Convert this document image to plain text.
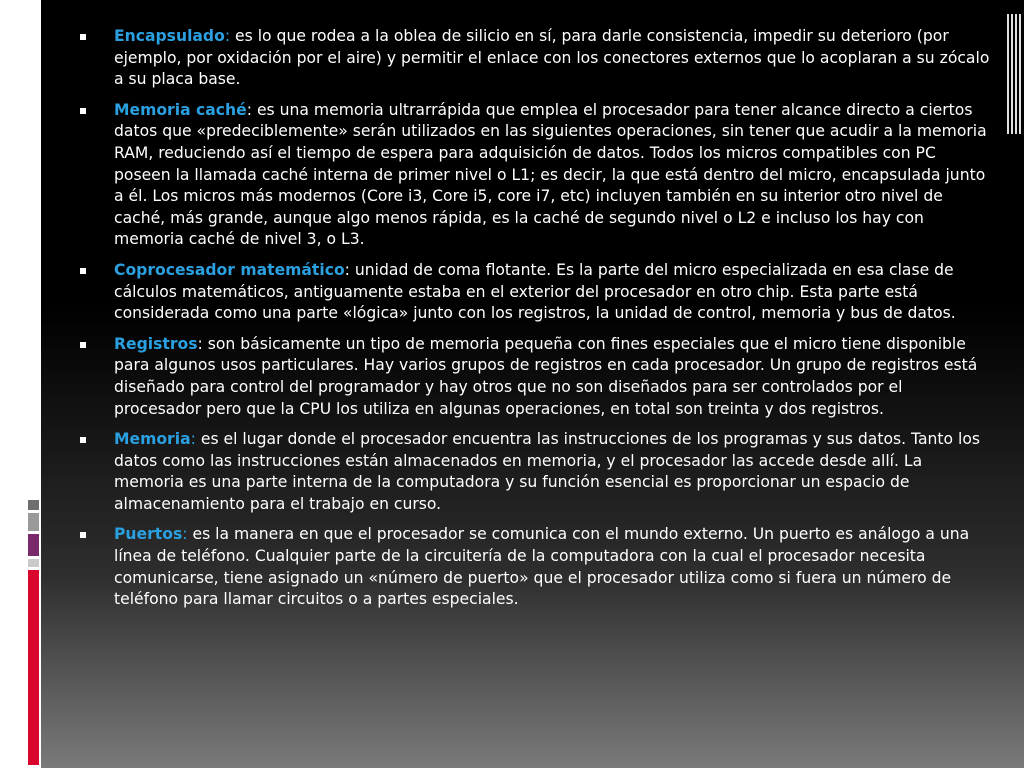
Encapsulado: es lo que rodea a la oblea de silicio en sí, para darle consistencia, impedir su deterioro (por ejemplo, por oxidación por el aire) y permitir el enlace con los conectores externos que lo acoplaran a su zócalo a su placa base.
Memoria caché: es una memoria ultrarrápida que emplea el procesador para tener alcance directo a ciertos datos que «predeciblemente» serán utilizados en las siguientes operaciones, sin tener que acudir a la memoria RAM, reduciendo así el tiempo de espera para adquisición de datos. Todos los micros compatibles con PC poseen la llamada caché interna de primer nivel o L1; es decir, la que está dentro del micro, encapsulada junto a él. Los micros más modernos (Core i3, Core i5, core i7, etc) incluyen también en su interior otro nivel de caché, más grande, aunque algo menos rápida, es la caché de segundo nivel o L2 e incluso los hay con memoria caché de nivel 3, o L3.
Coprocesador matemático: unidad de coma flotante. Es la parte del micro especializada en esa clase de cálculos matemáticos, antiguamente estaba en el exterior del procesador en otro chip. Esta parte está considerada como una parte «lógica» junto con los registros, la unidad de control, memoria y bus de datos.
Registros: son básicamente un tipo de memoria pequeña con fines especiales que el micro tiene disponible para algunos usos particulares. Hay varios grupos de registros en cada procesador. Un grupo de registros está diseñado para control del programador y hay otros que no son diseñados para ser controlados por el procesador pero que la CPU los utiliza en algunas operaciones, en total son treinta y dos registros.
Memoria: es el lugar donde el procesador encuentra las instrucciones de los programas y sus datos. Tanto los datos como las instrucciones están almacenados en memoria, y el procesador las accede desde allí. La memoria es una parte interna de la computadora y su función esencial es proporcionar un espacio de almacenamiento para el trabajo en curso.
Puertos: es la manera en que el procesador se comunica con el mundo externo. Un puerto es análogo a una línea de teléfono. Cualquier parte de la circuitería de la computadora con la cual el procesador necesita comunicarse, tiene asignado un «número de puerto» que el procesador utiliza como si fuera un número de teléfono para llamar circuitos o a partes especiales.
